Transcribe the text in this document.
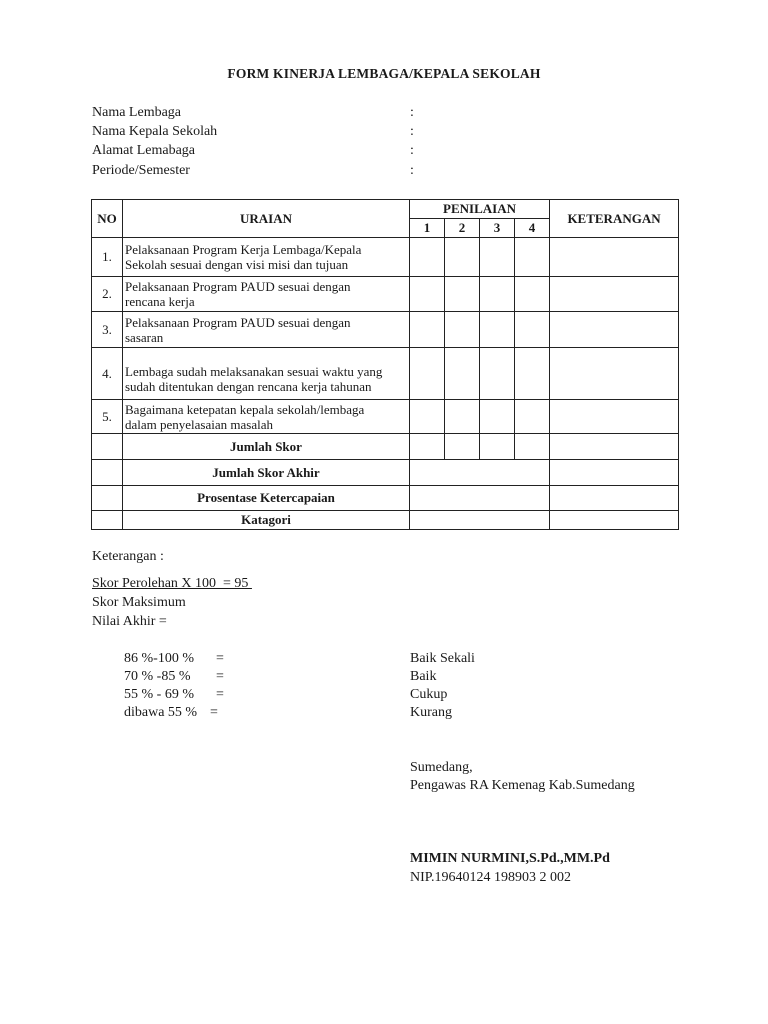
FORM KINERJA LEMBAGA/KEPALA SEKOLAH
Nama Lembaga	:
Nama Kepala Sekolah	:
Alamat Lemabaga	:
Periode/Semester	:
NO	URAIAN	PENILAIAN				KETERANGAN
		1	2	3	4	
1.	Pelaksanaan Program Kerja Lembaga/Kepala
Sekolah sesuai dengan visi misi dan tujuan					

2.	Pelaksanaan Program PAUD sesuai dengan
rencana kerja					

3.	Pelaksanaan Program PAUD sesuai dengan
sasaran					

4.	Lembaga sudah melaksanakan sesuai waktu yang
sudah ditentukan dengan rencana kerja tahunan					

5.	Bagaimana ketepatan kepala sekolah/lembaga
dalam penyelasaian masalah					

	Jumlah Skor					
	Jumlah Skor Akhir					
	Prosentase Ketercapaian					
	Katagori					
Keterangan :
Skor Perolehan X 100  = 95
Skor Maksimum
Nilai Akhir =
86 %-100 % =	Baik Sekali
70 % -85 % =	Baik
55 % - 69 % =	Cukup
dibawa 55 % =	Kurang
Sumedang,
Pengawas RA Kemenag Kab.Sumedang
MIMIN NURMINI,S.Pd.,MM.Pd
NIP.19640124 198903 2 002
